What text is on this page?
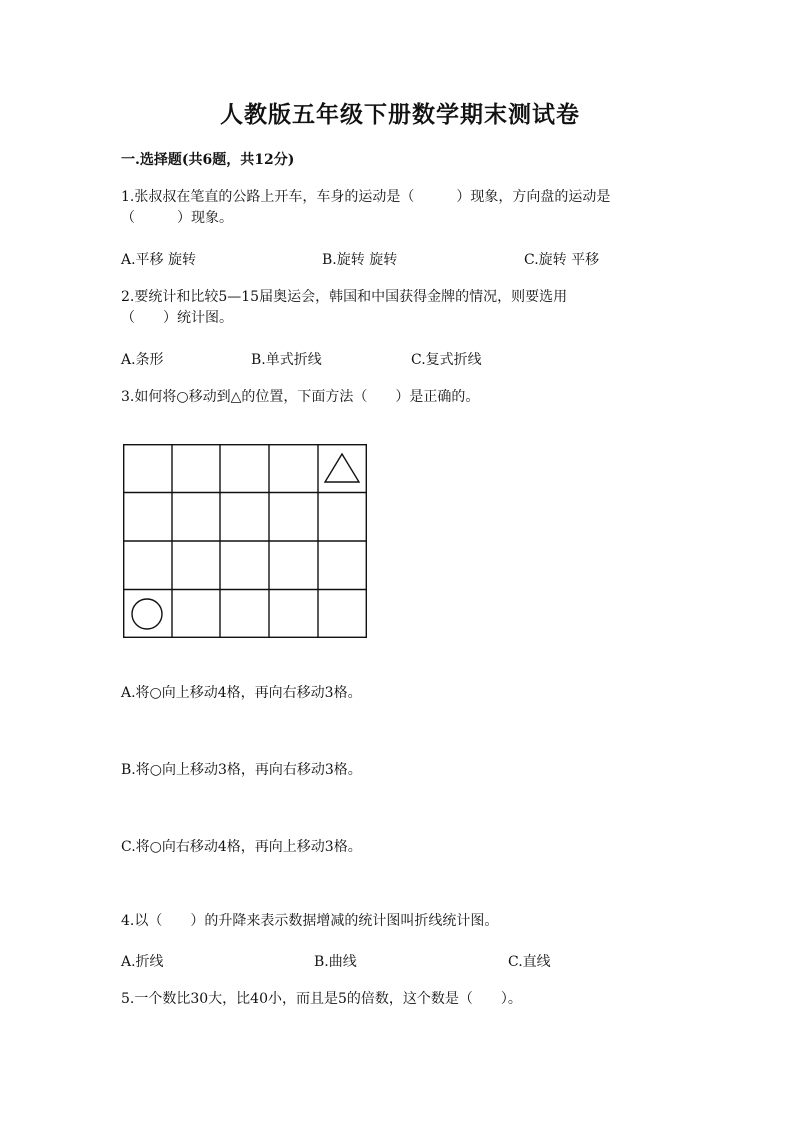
人教版五年级下册数学期末测试卷
一.选择题(共6题，共12分)
1.张叔叔在笔直的公路上开车，车身的运动是（　　　）现象，方向盘的运动是
（　　　）现象。
A.平移 旋转	B.旋转 旋转	C.旋转 平移
2.要统计和比较5—15届奥运会，韩国和中国获得金牌的情况，则要选用
（　　）统计图。
A.条形	B.单式折线	C.复式折线
3.如何将○移动到△的位置，下面方法（　　）是正确的。
A.将○向上移动4格，再向右移动3格。
B.将○向上移动3格，再向右移动3格。
C.将○向右移动4格，再向上移动3格。
4.以（　　）的升降来表示数据增减的统计图叫折线统计图。
A.折线	B.曲线	C.直线
5.一个数比30大，比40小，而且是5的倍数，这个数是（　　）。
